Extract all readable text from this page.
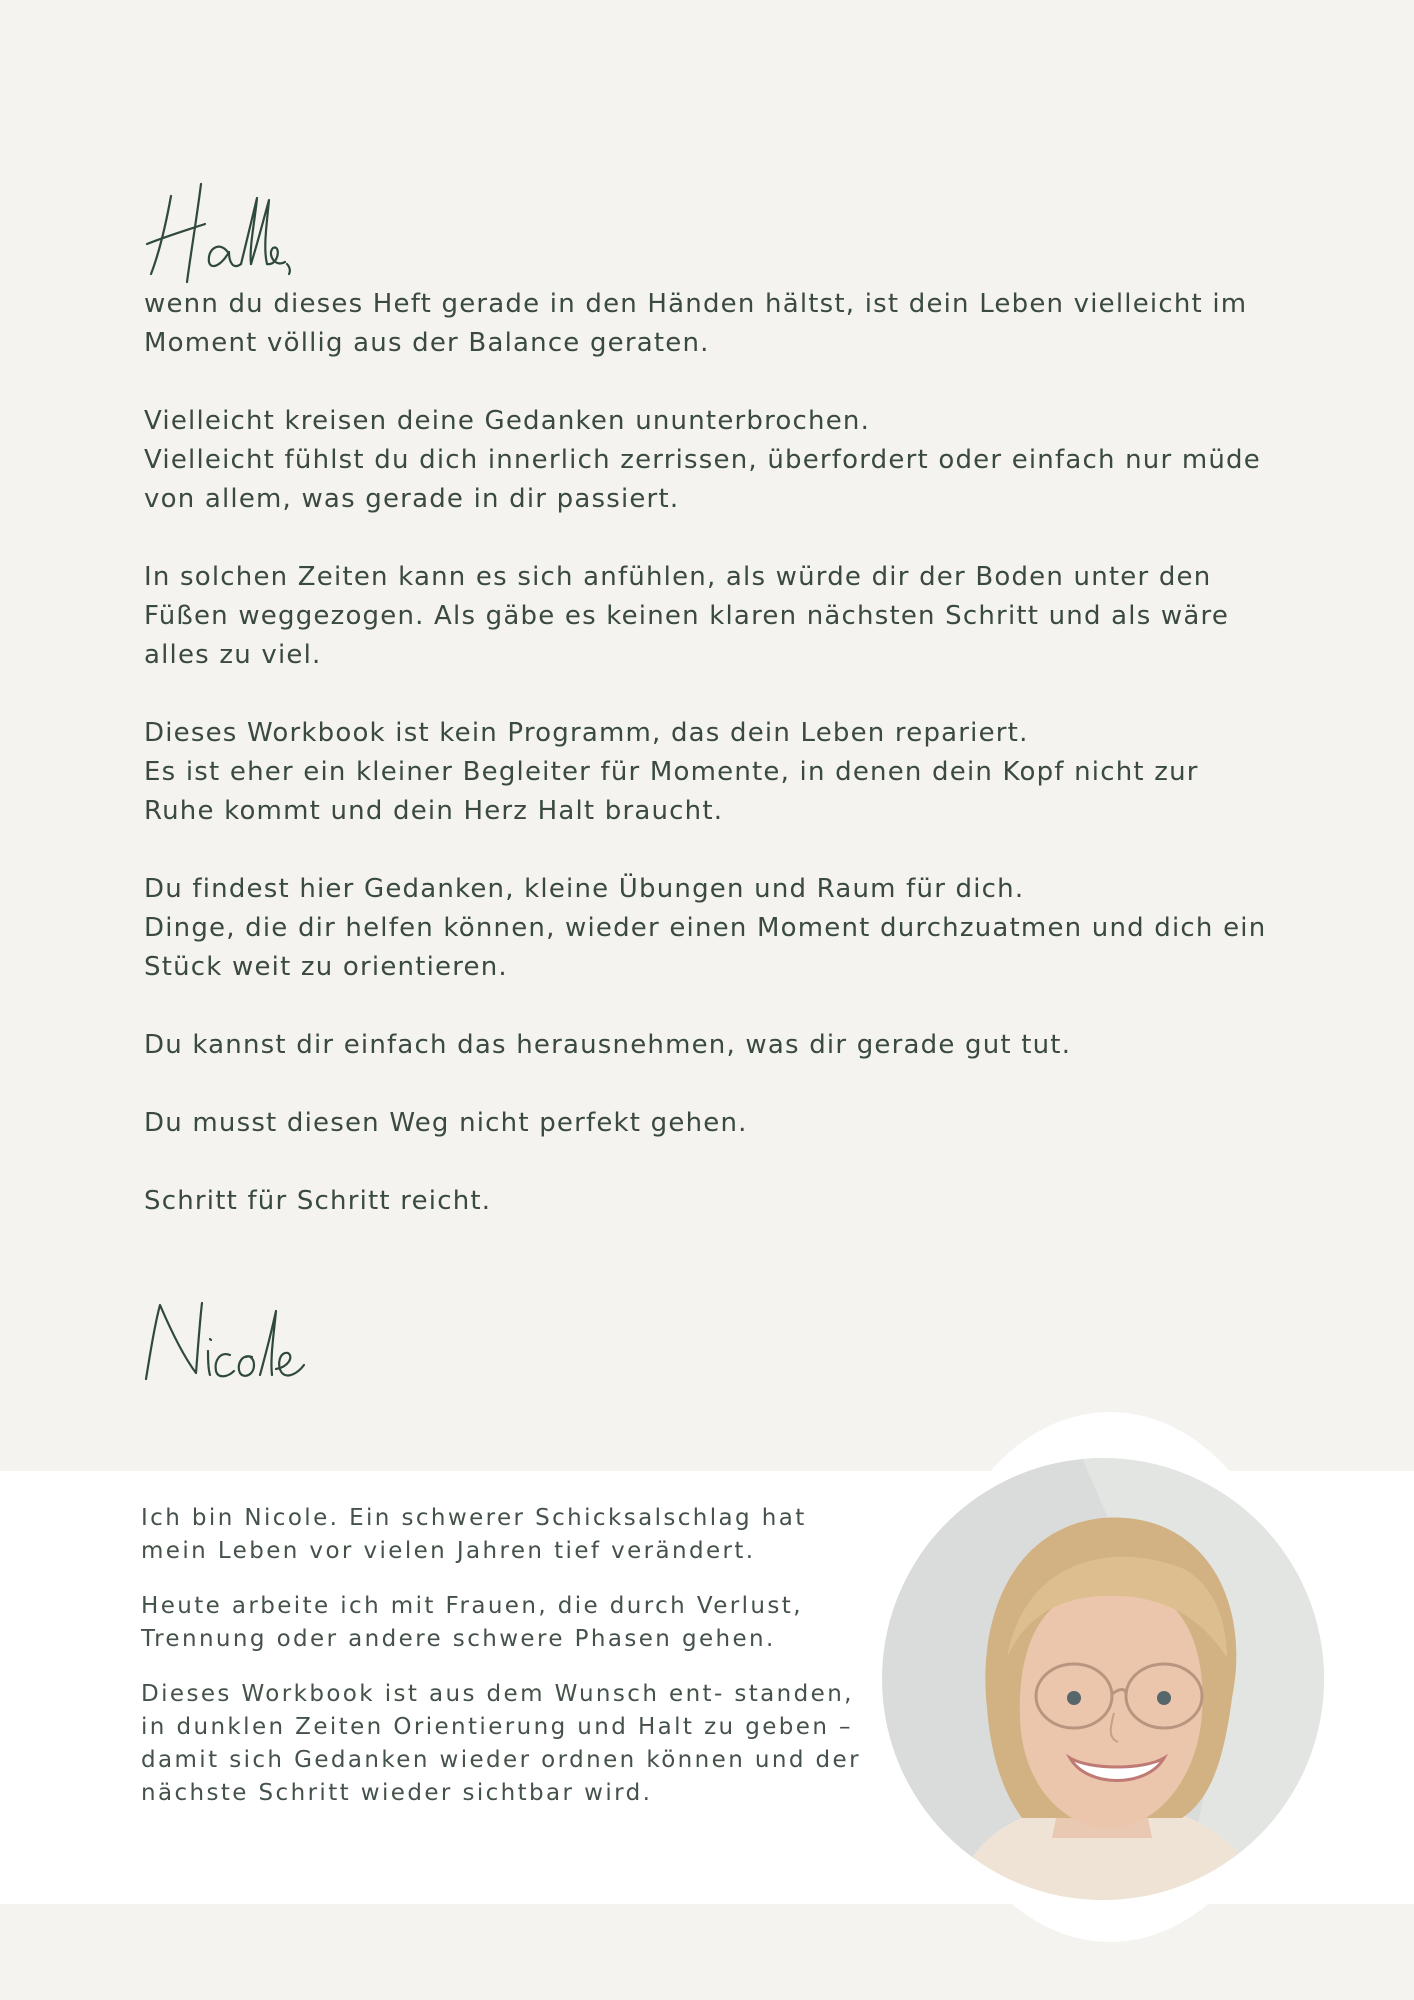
wenn du dieses Heft gerade in den Händen hältst, ist dein Leben vielleicht im Moment völlig aus der Balance geraten.

Vielleicht kreisen deine Gedanken ununterbrochen.
Vielleicht fühlst du dich innerlich zerrissen, überfordert oder einfach nur müde von allem, was gerade in dir passiert.

In solchen Zeiten kann es sich anfühlen, als würde dir der Boden unter den Füßen weggezogen. Als gäbe es keinen klaren nächsten Schritt und als wäre alles zu viel.

Dieses Workbook ist kein Programm, das dein Leben repariert.
Es ist eher ein kleiner Begleiter für Momente, in denen dein Kopf nicht zur Ruhe kommt und dein Herz Halt braucht.

Du findest hier Gedanken, kleine Übungen und Raum für dich.
Dinge, die dir helfen können, wieder einen Moment durchzuatmen und dich ein Stück weit zu orientieren.

Du kannst dir einfach das herausnehmen, was dir gerade gut tut.

Du musst diesen Weg nicht perfekt gehen.

Schritt für Schritt reicht.

Ich bin Nicole. Ein schwerer Schicksalschlag hat mein Leben vor vielen Jahren tief verändert.

Heute arbeite ich mit Frauen, die durch Verlust, Trennung oder andere schwere Phasen gehen.

Dieses Workbook ist aus dem Wunsch ent- standen, in dunklen Zeiten Orientierung und Halt zu geben – damit sich Gedanken wieder ordnen können und der nächste Schritt wieder sichtbar wird.
